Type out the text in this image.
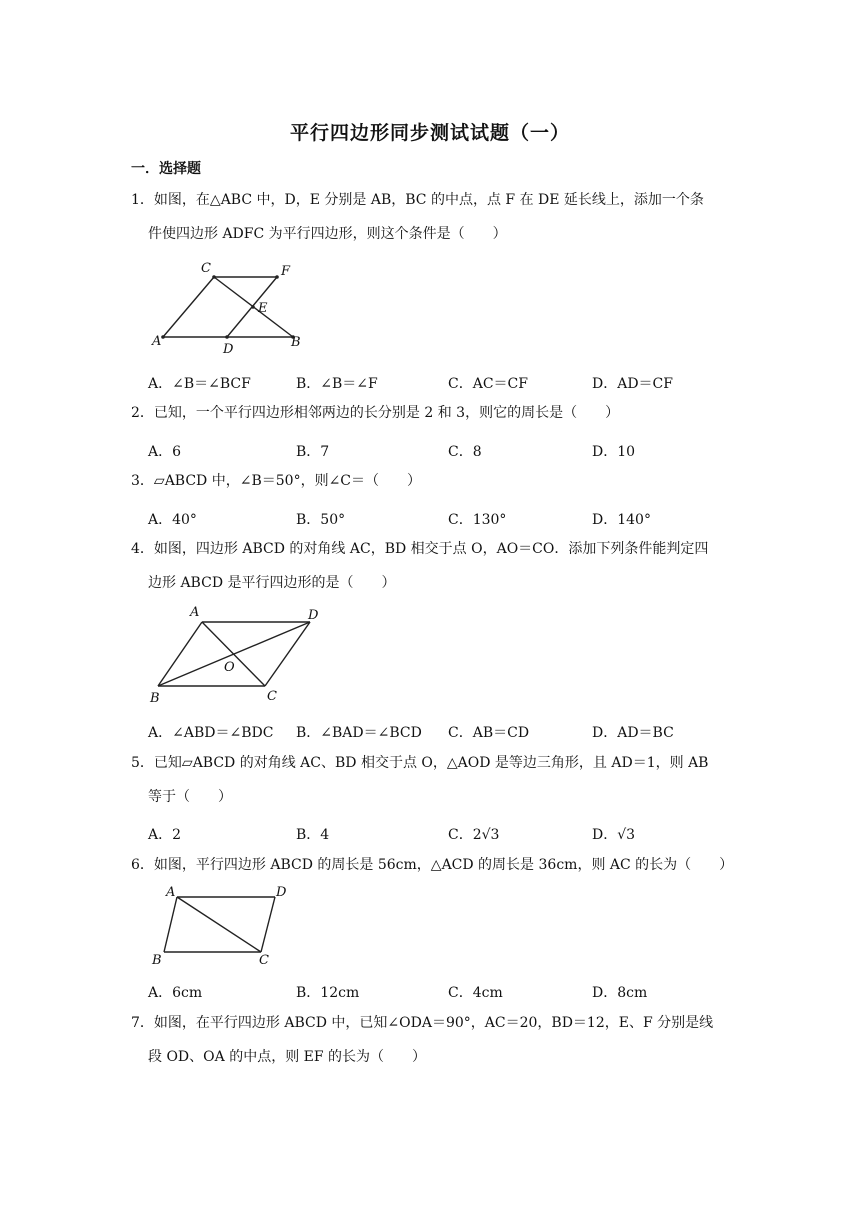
平行四边形同步测试试题（一）
一．选择题
1．如图，在△ABC 中，D，E 分别是 AB，BC 的中点，点 F 在 DE 延长线上，添加一个条
件使四边形 ADFC 为平行四边形，则这个条件是（　　）
C	F
E
A
D	B
A．∠B＝∠BCF	B．∠B＝∠F	C．AC＝CF	D．AD＝CF
2．已知，一个平行四边形相邻两边的长分别是 2 和 3，则它的周长是（　　）
A．6	B．7	C．8	D．10
3．▱ABCD 中，∠B＝50°，则∠C＝（　　）
A．40°	B．50°	C．130°	D．140°
4．如图，四边形 ABCD 的对角线 AC，BD 相交于点 O，AO＝CO．添加下列条件能判定四
边形 ABCD 是平行四边形的是（　　）
A	D
O
B	C
A．∠ABD＝∠BDC B．∠BAD＝∠BCD C．AB＝CD	D．AD＝BC
5．已知▱ABCD 的对角线 AC、BD 相交于点 O，△AOD 是等边三角形，且 AD＝1，则 AB
等于（　　）
A．2	B．4	C．2√3	D．√3
6．如图，平行四边形 ABCD 的周长是 56cm，△ACD 的周长是 36cm，则 AC 的长为（　　）
A	D
B	C
A．6cm	B．12cm	C．4cm	D．8cm
7．如图，在平行四边形 ABCD 中，已知∠ODA＝90°，AC＝20，BD＝12，E、F 分别是线
段 OD、OA 的中点，则 EF 的长为（　　）
